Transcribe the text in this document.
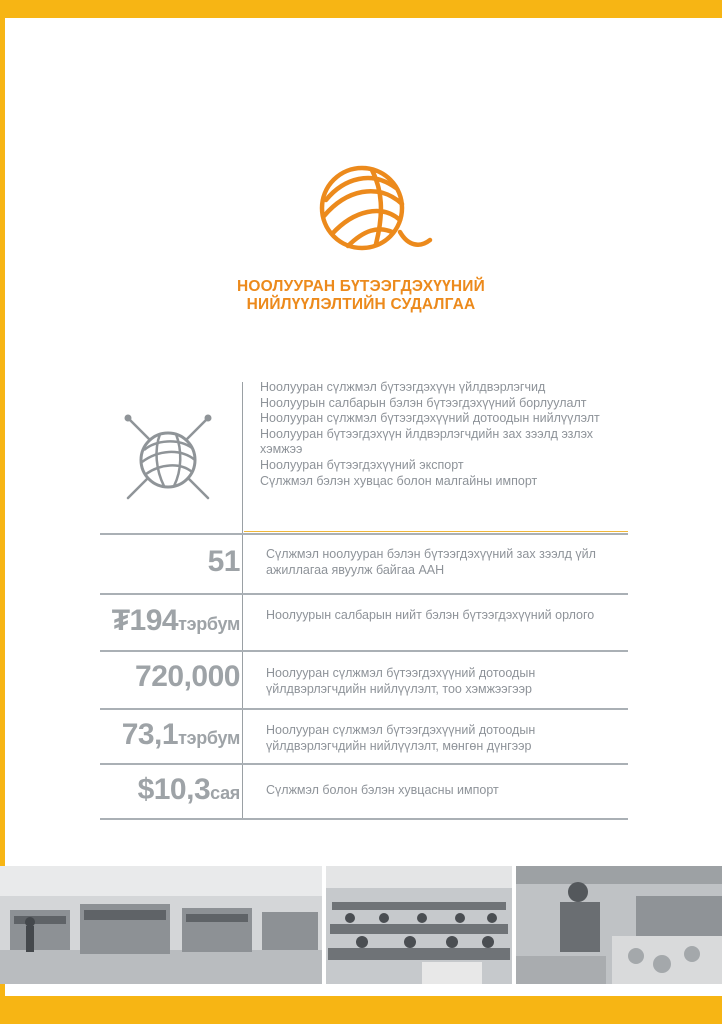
НООЛУУРАН БҮТЭЭГДЭХҮҮНИЙ
НИЙЛҮҮЛЭЛТИЙН СУДАЛГАА
Ноолууран сүлжмэл бүтээгдэхүүн үйлдвэрлэгчид
Ноолуурын салбарын бэлэн бүтээгдэхүүний борлуулалт
Ноолууран сүлжмэл бүтээгдэхүүний дотоодын нийлүүлэлт
Ноолууран бүтээгдэхүүн йлдвэрлэгчдийн зах зээлд эзлэх хэмжээ
Ноолууран бүтээгдэхүүний экспорт
Сүлжмэл бэлэн хувцас болон малгайны импорт
51 Сүлжмэл ноолууран бэлэн бүтээгдэхүүний зах зээлд үйл ажиллагаа явуулж байгаа ААН
₮194тэрбум Ноолуурын салбарын нийт бэлэн бүтээгдэхүүний орлого
720,000 Ноолууран сүлжмэл бүтээгдэхүүний дотоодын үйлдвэрлэгчдийн нийлүүлэлт, тоо хэмжээгээр
73,1тэрбум Ноолууран сүлжмэл бүтээгдэхүүний дотоодын үйлдвэрлэгчдийн нийлүүлэлт, мөнгөн дүнгээр
$10,3сая Сүлжмэл болон бэлэн хувцасны импорт
